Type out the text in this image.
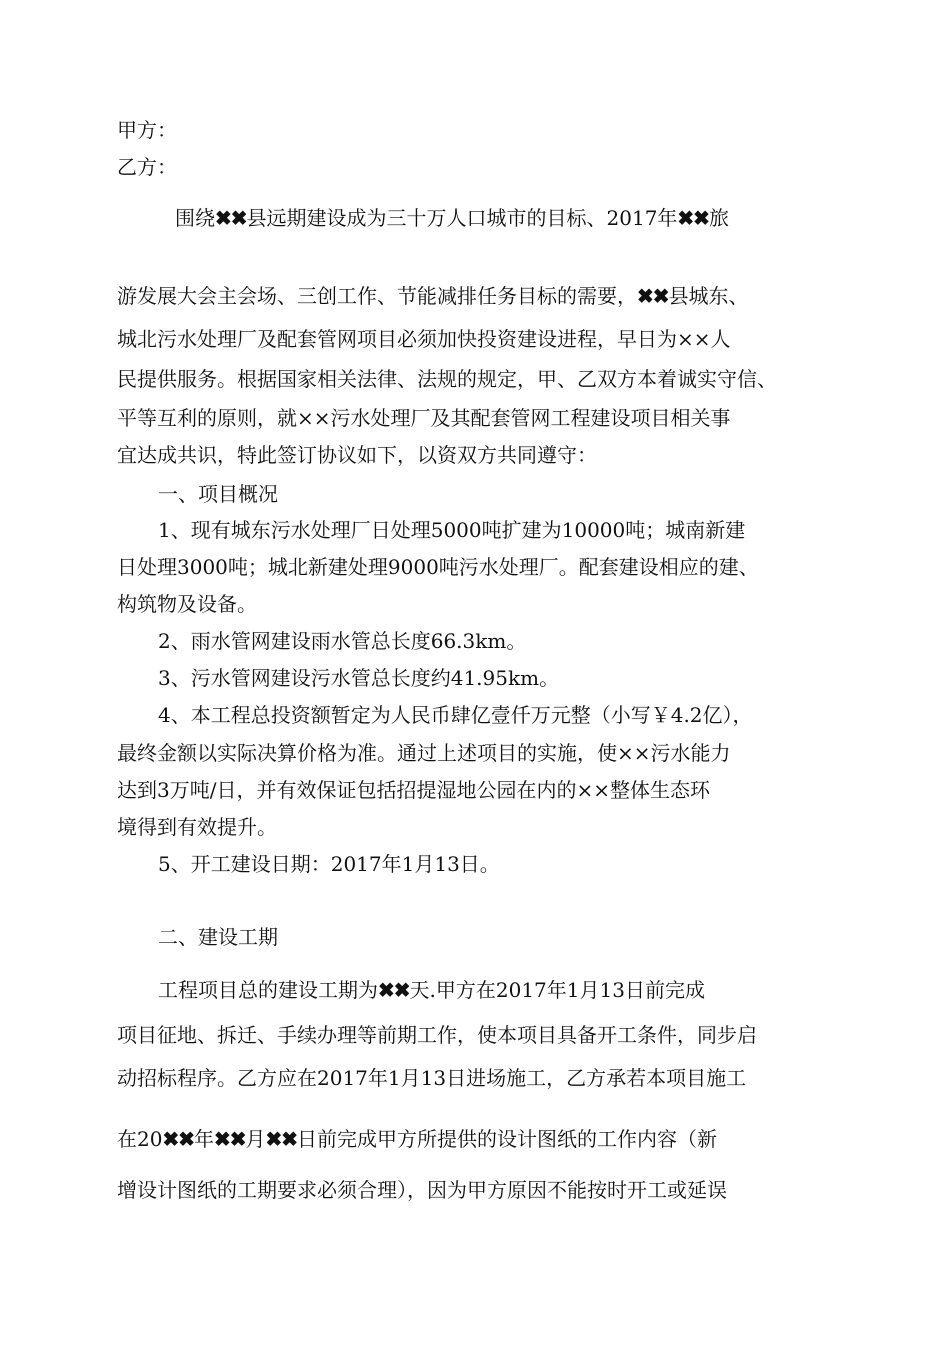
甲方：
乙方：
围绕✖✖县远期建设成为三十万人口城市的目标、2017年✖✖旅
游发展大会主会场、三创工作、节能减排任务目标的需要，✖✖县城东、
城北污水处理厂及配套管网项目必须加快投资建设进程，早日为××人
民提供服务。根据国家相关法律、法规的规定，甲、乙双方本着诚实守信、
平等互利的原则，就××污水处理厂及其配套管网工程建设项目相关事
宜达成共识，特此签订协议如下，以资双方共同遵守：
一、项目概况
1、现有城东污水处理厂日处理5000吨扩建为10000吨；城南新建
日处理3000吨；城北新建处理9000吨污水处理厂。配套建设相应的建、
构筑物及设备。
2、雨水管网建设雨水管总长度66.3km。
3、污水管网建设污水管总长度约41.95km。
4、本工程总投资额暂定为人民币肆亿壹仟万元整（小写￥4.2亿），
最终金额以实际决算价格为准。通过上述项目的实施，使××污水能力
达到3万吨/日，并有效保证包括招提湿地公园在内的××整体生态环
境得到有效提升。
5、开工建设日期：2017年1月13日。
二、建设工期
工程项目总的建设工期为✖✖天.甲方在2017年1月13日前完成
项目征地、拆迁、手续办理等前期工作，使本项目具备开工条件，同步启
动招标程序。乙方应在2017年1月13日进场施工，乙方承若本项目施工
在20✖✖年✖✖月✖✖日前完成甲方所提供的设计图纸的工作内容（新
增设计图纸的工期要求必须合理），因为甲方原因不能按时开工或延误
